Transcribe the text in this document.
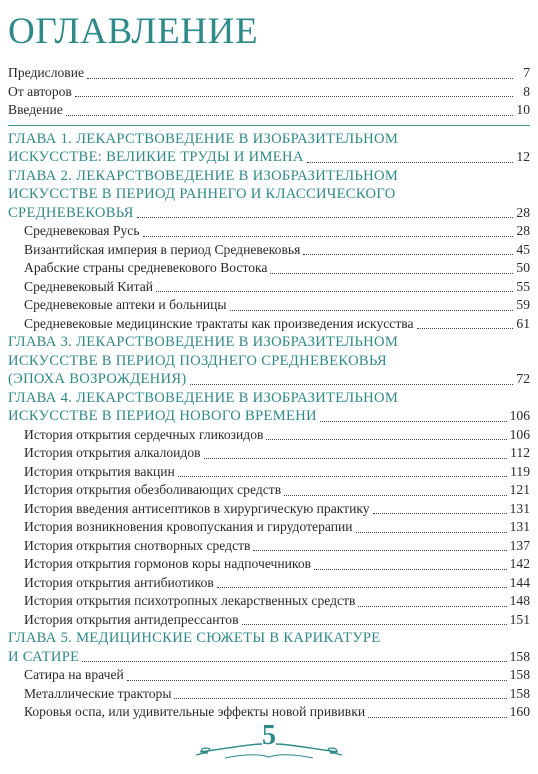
ОГЛАВЛЕНИЕ
Предисловие	7
От авторов	8
Введение	10
ГЛАВА 1. ЛЕКАРСТВОВЕДЕНИЕ В ИЗОБРАЗИТЕЛЬНОМ
ИСКУССТВЕ: ВЕЛИКИЕ ТРУДЫ И ИМЕНА	12
ГЛАВА 2. ЛЕКАРСТВОВЕДЕНИЕ В ИЗОБРАЗИТЕЛЬНОМ
ИСКУССТВЕ В ПЕРИОД РАННЕГО И КЛАССИЧЕСКОГО
СРЕДНЕВЕКОВЬЯ	28
Средневековая Русь	28
Византийская империя в период Средневековья	45
Арабские страны средневекового Востока	50
Средневековый Китай	55
Средневековые аптеки и больницы	59
Средневековые медицинские трактаты как произведения искусства	61
ГЛАВА 3. ЛЕКАРСТВОВЕДЕНИЕ В ИЗОБРАЗИТЕЛЬНОМ
ИСКУССТВЕ В ПЕРИОД ПОЗДНЕГО СРЕДНЕВЕКОВЬЯ
(ЭПОХА ВОЗРОЖДЕНИЯ)	72
ГЛАВА 4. ЛЕКАРСТВОВЕДЕНИЕ В ИЗОБРАЗИТЕЛЬНОМ
ИСКУССТВЕ В ПЕРИОД НОВОГО ВРЕМЕНИ	106
История открытия сердечных гликозидов	106
История открытия алкалоидов	112
История открытия вакцин	119
История открытия обезболивающих средств	121
История введения антисептиков в хирургическую практику	131
История возникновения кровопускания и гирудотерапии	131
История открытия снотворных средств	137
История открытия гормонов коры надпочечников	142
История открытия антибиотиков	144
История открытия психотропных лекарственных средств	148
История открытия антидепрессантов	151
ГЛАВА 5. МЕДИЦИНСКИЕ СЮЖЕТЫ В КАРИКАТУРЕ
И САТИРЕ	158
Сатира на врачей	158
Металлические тракторы	158
Коровья оспа, или удивительные эффекты новой прививки	160
5
